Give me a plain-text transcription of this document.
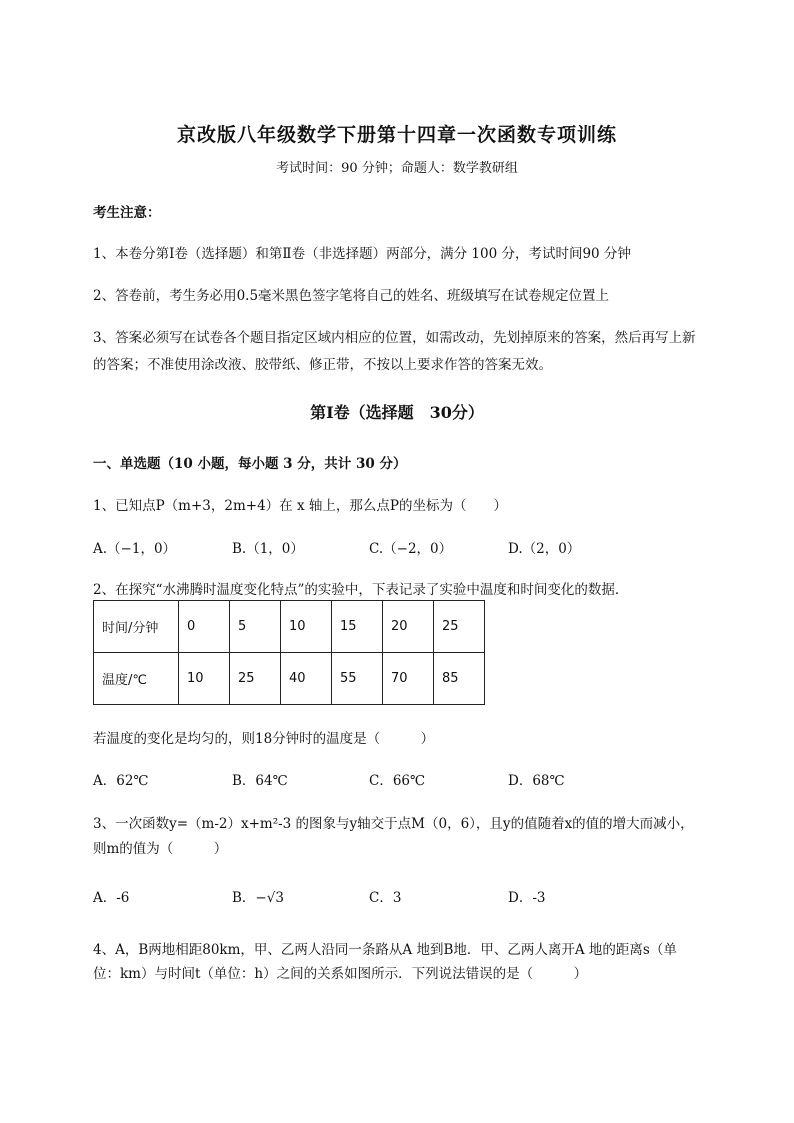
京改版八年级数学下册第十四章一次函数专项训练
考试时间：90 分钟；命题人：数学教研组
考生注意：
1、本卷分第Ⅰ卷（选择题）和第Ⅱ卷（非选择题）两部分，满分 100 分，考试时间90 分钟
2、答卷前，考生务必用0.5毫米黑色签字笔将自己的姓名、班级填写在试卷规定位置上
3、答案必须写在试卷各个题目指定区域内相应的位置，如需改动，先划掉原来的答案，然后再写上新
的答案；不准使用涂改液、胶带纸、修正带，不按以上要求作答的答案无效。
第Ⅰ卷（选择题　30分）
一、单选题（10 小题，每小题 3 分，共计 30 分）
1、已知点P（m+3，2m+4）在 x 轴上，那么点P的坐标为（　　）
A.（−1，0）	B.（1，0）	C.（−2，0）	D.（2，0）
2、在探究“水沸腾时温度变化特点”的实验中，下表记录了实验中温度和时间变化的数据．
时间/分钟	0	5	10	15	20	25
温度/℃	10	25	40	55	70	85
若温度的变化是均匀的，则18分钟时的温度是（　　　）
A．62℃	B．64℃	C．66℃	D．68℃
3、一次函数y=（m-2）x+m²-3 的图象与y轴交于点M（0，6），且y的值随着x的值的增大而减小，
则m的值为（　　　）
A．-6	B．−√3	C．3	D．-3
4、A，B两地相距80km，甲、乙两人沿同一条路从A 地到B地．甲、乙两人离开A 地的距离s（单
位：km）与时间t（单位：h）之间的关系如图所示．下列说法错误的是（　　　）
